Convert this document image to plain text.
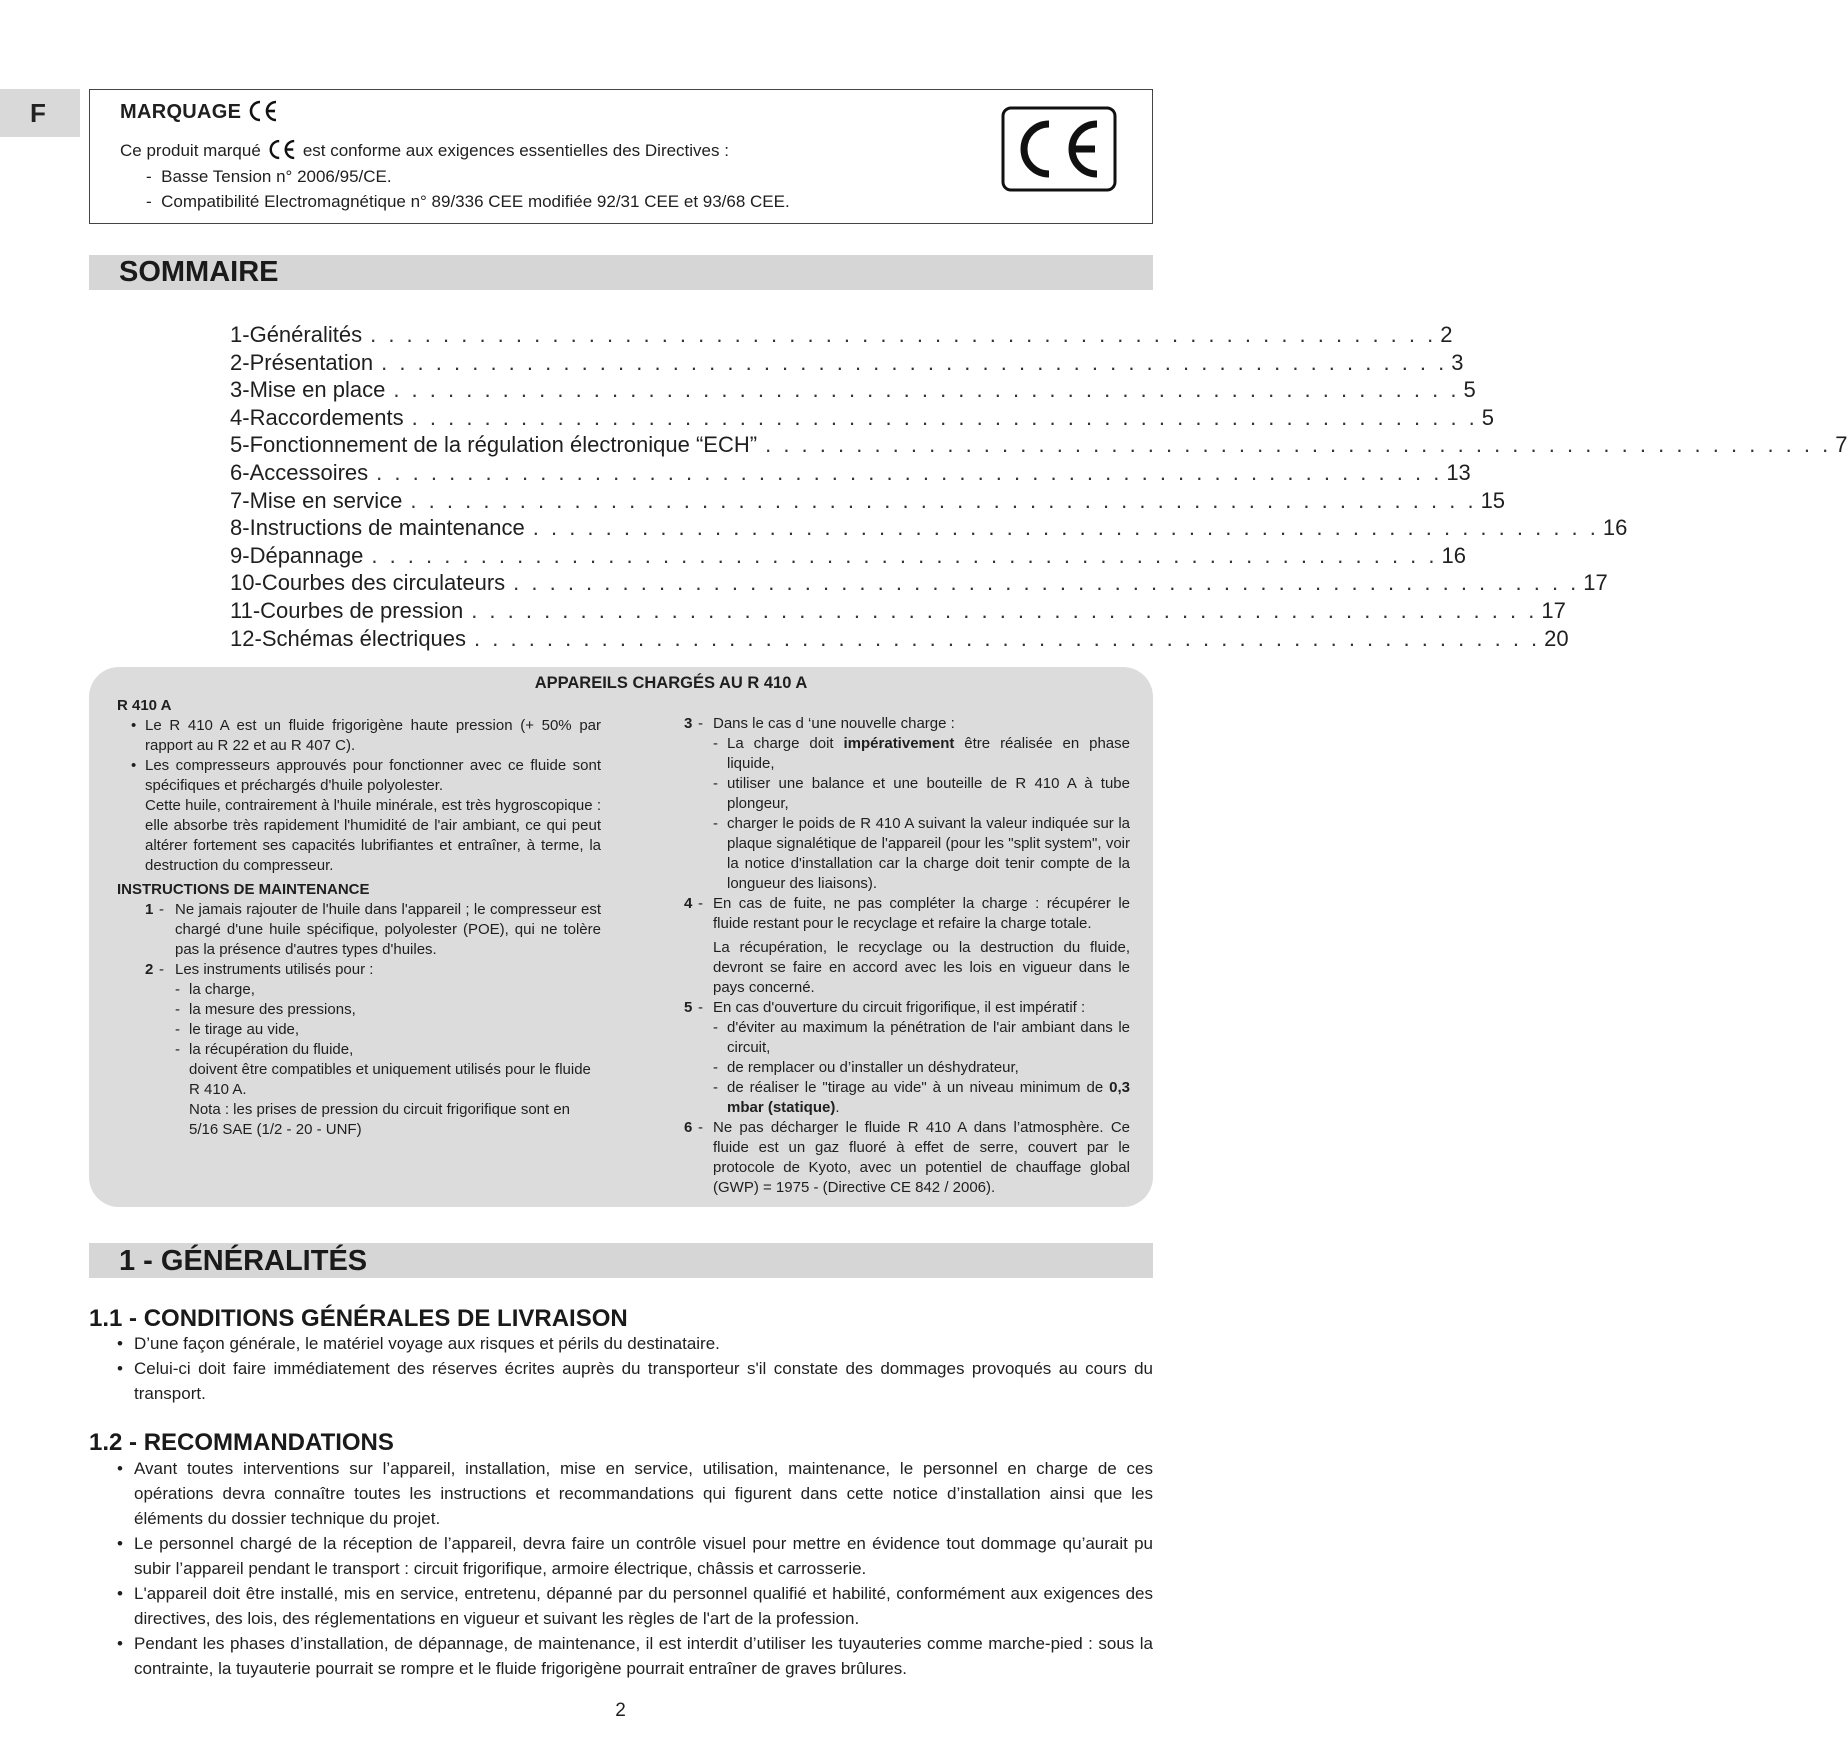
F	MARQUAGE
Ce produit marqué est conforme aux exigences essentielles des Directives :
-  Basse Tension n° 2006/95/CE.
-  Compatibilité Electromagnétique n° 89/336 CEE modifiée 92/31 CEE et 93/68 CEE.
SOMMAIRE
1 - Généralités . . . . . . . . . . . . . . . . . . . . . . . . . . . . . . . . . . . . . . . . . . . . . . . . . . . . . . . . . . . 2
2 - Présentation . . . . . . . . . . . . . . . . . . . . . . . . . . . . . . . . . . . . . . . . . . . . . . . . . . . . . . . . . . . 3
3 - Mise en place . . . . . . . . . . . . . . . . . . . . . . . . . . . . . . . . . . . . . . . . . . . . . . . . . . . . . . . . . . . 5
4 - Raccordements . . . . . . . . . . . . . . . . . . . . . . . . . . . . . . . . . . . . . . . . . . . . . . . . . . . . . . . . . . . 5
5 - Fonctionnement de la régulation électronique “ECH” . . . . . . . . . . . . . . . . . . . . . . . . . . . . . . . . . . . . . . . . . . . . . . . . . . . . . . . . . . . 7
6 - Accessoires . . . . . . . . . . . . . . . . . . . . . . . . . . . . . . . . . . . . . . . . . . . . . . . . . . . . . . . . . . . 13
7 - Mise en service . . . . . . . . . . . . . . . . . . . . . . . . . . . . . . . . . . . . . . . . . . . . . . . . . . . . . . . . . . . 15
8 - Instructions de maintenance . . . . . . . . . . . . . . . . . . . . . . . . . . . . . . . . . . . . . . . . . . . . . . . . . . . . . . . . . . . 16
9 - Dépannage . . . . . . . . . . . . . . . . . . . . . . . . . . . . . . . . . . . . . . . . . . . . . . . . . . . . . . . . . . . 16
10 - Courbes des circulateurs . . . . . . . . . . . . . . . . . . . . . . . . . . . . . . . . . . . . . . . . . . . . . . . . . . . . . . . . . . . 17
11 - Courbes de pression . . . . . . . . . . . . . . . . . . . . . . . . . . . . . . . . . . . . . . . . . . . . . . . . . . . . . . . . . . . 17
12 - Schémas électriques . . . . . . . . . . . . . . . . . . . . . . . . . . . . . . . . . . . . . . . . . . . . . . . . . . . . . . . . . . . 20
APPAREILS CHARGÉS AU R 410 A
R 410 A
• Le R 410 A est un fluide frigorigène haute pression (+ 50% par rapport au R 22 et au R 407 C).
• Les compresseurs approuvés pour fonctionner avec ce fluide sont spécifiques et préchargés d'huile polyolester.
Cette huile, contrairement à l'huile minérale, est très hygroscopique : elle absorbe très rapidement l'humidité de l'air ambiant, ce qui peut altérer fortement ses capacités lubrifiantes et entraîner, à terme, la destruction du compresseur.
INSTRUCTIONS DE MAINTENANCE
1 - Ne jamais rajouter de l'huile dans l'appareil ; le compresseur est chargé d'une huile spécifique, polyolester (POE), qui ne tolère pas la présence d'autres types d'huiles.
2 - Les instruments utilisés pour :
- la charge,
- la mesure des pressions,
- le tirage au vide,
- la récupération du fluide,
doivent être compatibles et uniquement utilisés pour le fluide R 410 A.
Nota : les prises de pression du circuit frigorifique sont en 5/16 SAE (1/2 - 20 - UNF)
3 - Dans le cas d ‘une nouvelle charge :
- La charge doit impérativement être réalisée en phase liquide,
- utiliser une balance et une bouteille de R 410 A à tube plongeur,
- charger le poids de R 410 A suivant la valeur indiquée sur la plaque signalétique de l'appareil (pour les "split system", voir la notice d'installation car la charge doit tenir compte de la longueur des liaisons).
4 - En cas de fuite, ne pas compléter la charge : récupérer le fluide restant pour le recyclage et refaire la charge totale.
La récupération, le recyclage ou la destruction du fluide, devront se faire en accord avec les lois en vigueur dans le pays concerné.
5 - En cas d'ouverture du circuit frigorifique, il est impératif :
- d'éviter au maximum la pénétration de l'air ambiant dans le circuit,
- de remplacer ou d’installer un déshydrateur,
- de réaliser le "tirage au vide" à un niveau minimum de 0,3 mbar (statique).
6 - Ne pas décharger le fluide R 410 A dans l’atmosphère. Ce fluide est un gaz fluoré à effet de serre, couvert par le protocole de Kyoto, avec un potentiel de chauffage global (GWP) = 1975 - (Directive CE 842 / 2006).
1 - GÉNÉRALITÉS
1.1 - CONDITIONS GÉNÉRALES DE LIVRAISON
• D’une façon générale, le matériel voyage aux risques et périls du destinataire.
• Celui-ci doit faire immédiatement des réserves écrites auprès du transporteur s'il constate des dommages provoqués au cours du transport.
1.2 - RECOMMANDATIONS
• Avant toutes interventions sur l’appareil, installation, mise en service, utilisation, maintenance, le personnel en charge de ces opérations devra connaître toutes les instructions et recommandations qui figurent dans cette notice d’installation ainsi que les éléments du dossier technique du projet.
• Le personnel chargé de la réception de l’appareil, devra faire un contrôle visuel pour mettre en évidence tout dommage qu’aurait pu subir l’appareil pendant le transport : circuit frigorifique, armoire électrique, châssis et carrosserie.
• L'appareil doit être installé, mis en service, entretenu, dépanné par du personnel qualifié et habilité, conformément aux exigences des directives, des lois, des réglementations en vigueur et suivant les règles de l'art de la profession.
• Pendant les phases d’installation, de dépannage, de maintenance, il est interdit d’utiliser les tuyauteries comme marche-pied : sous la contrainte, la tuyauterie pourrait se rompre et le fluide frigorigène pourrait entraîner de graves brûlures.
2
